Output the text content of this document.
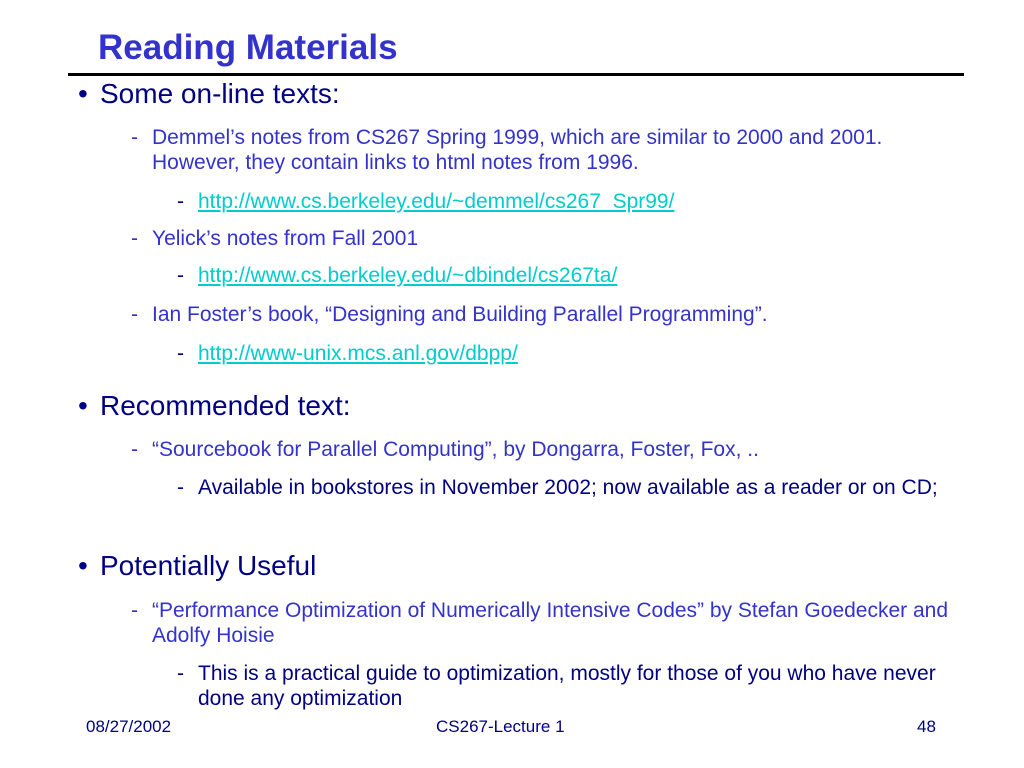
Reading Materials
• Some on-line texts:
- Demmel’s notes from CS267 Spring 1999, which are similar to 2000 and 2001. However, they contain links to html notes from 1996.
- http://www.cs.berkeley.edu/~demmel/cs267_Spr99/
- Yelick’s notes from Fall 2001
- http://www.cs.berkeley.edu/~dbindel/cs267ta/
- Ian Foster’s book, “Designing and Building Parallel Programming”.
- http://www-unix.mcs.anl.gov/dbpp/
• Recommended text:
- “Sourcebook for Parallel Computing”, by Dongarra, Foster, Fox, ..
- Available in bookstores in November 2002; now available as a reader or on CD;
• Potentially Useful
- “Performance Optimization of Numerically Intensive Codes” by Stefan Goedecker and Adolfy Hoisie
- This is a practical guide to optimization, mostly for those of you who have never done any optimization
08/27/2002	CS267-Lecture 1	48
